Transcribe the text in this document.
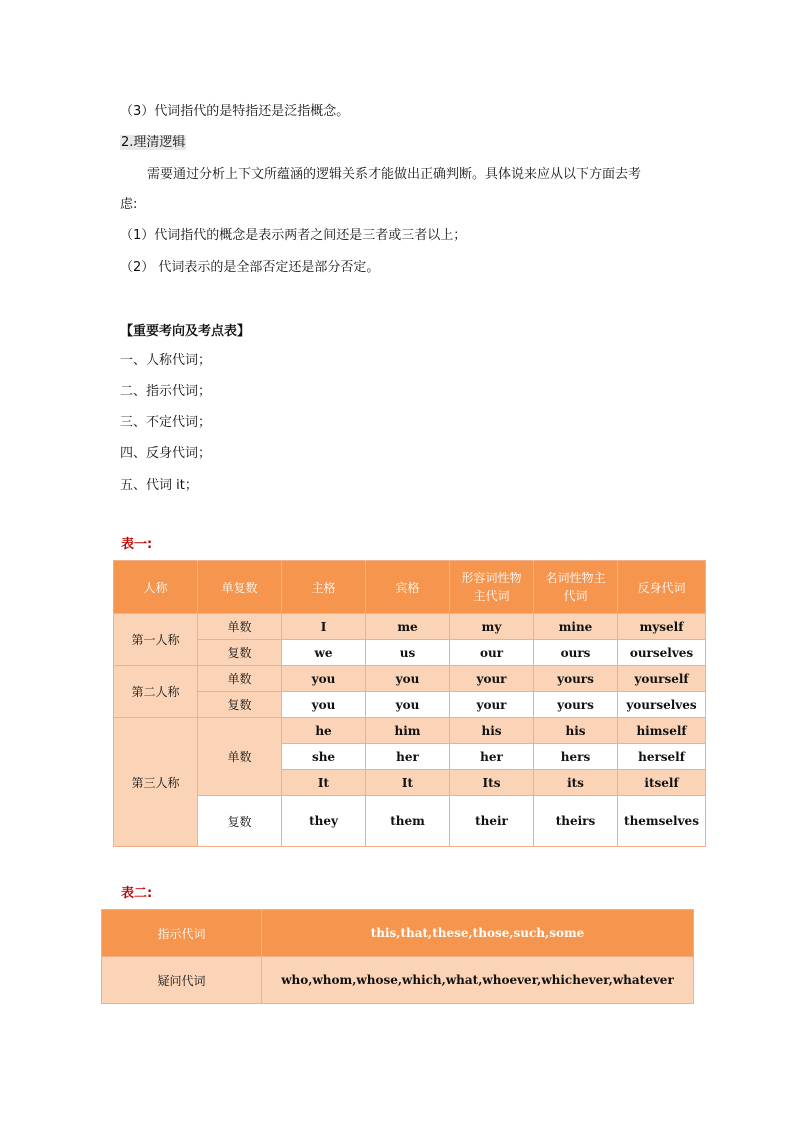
（3）代词指代的是特指还是泛指概念。
2.理清逻辑
需要通过分析上下文所蕴涵的逻辑关系才能做出正确判断。具体说来应从以下方面去考
虑:
（1）代词指代的概念是表示两者之间还是三者或三者以上；
（2） 代词表示的是全部否定还是部分否定。
【重要考向及考点表】
一、人称代词；
二、指示代词；
三、不定代词；
四、反身代词；
五、代词 it；
表一:
人称	单复数	主格	宾格	形容词性物主代词	名词性物主代词	反身代词
第一人称	单数	I	me	my	mine	myself
	复数	we	us	our	ours	ourselves
第二人称	单数	you	you	your	yours	yourself
	复数	you	you	your	yours	yourselves
第三人称	单数	he	him	his	his	himself
		she	her	her	hers	herself
		It	It	Its	its	itself
	复数	they	them	their	theirs	themselves
表二:
指示代词	this,that,these,those,such,some
疑问代词	who,whom,whose,which,what,whoever,whichever,whatever
